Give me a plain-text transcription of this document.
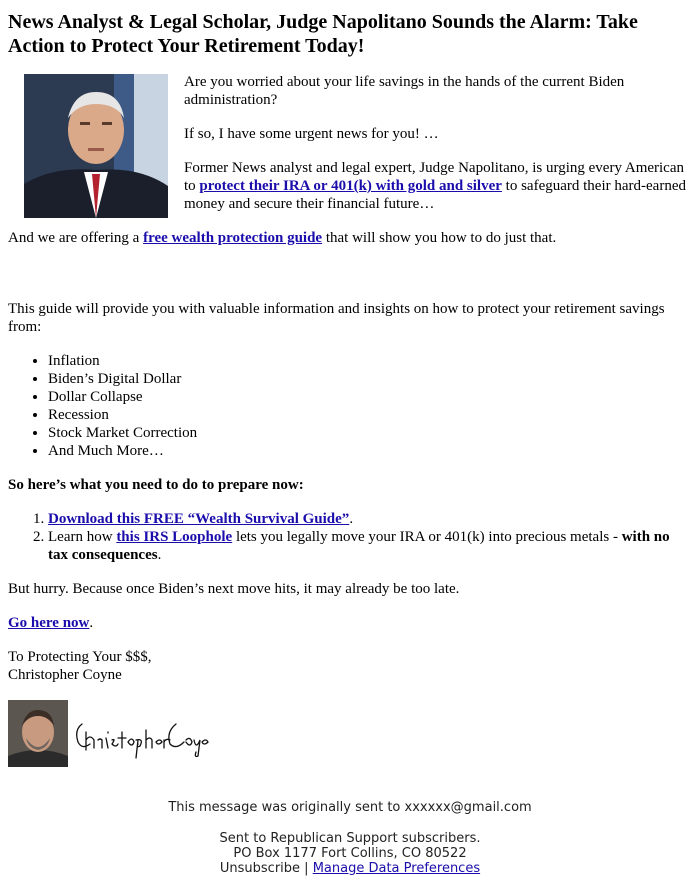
News Analyst & Legal Scholar, Judge Napolitano Sounds the Alarm: Take Action to Protect Your Retirement Today!

Are you worried about your life savings in the hands of the current Biden administration?

If so, I have some urgent news for you! …

Former News analyst and legal expert, Judge Napolitano, is urging every American to protect their IRA or 401(k) with gold and silver to safeguard their hard-earned money and secure their financial future…

And we are offering a free wealth protection guide that will show you how to do just that.

This guide will provide you with valuable information and insights on how to protect your retirement savings from:

• Inflation
• Biden’s Digital Dollar
• Dollar Collapse
• Recession
• Stock Market Correction
• And Much More…

So here’s what you need to do to prepare now:

1. Download this FREE “Wealth Survival Guide”.
2. Learn how this IRS Loophole lets you legally move your IRA or 401(k) into precious metals - with no tax consequences.

But hurry. Because once Biden’s next move hits, it may already be too late.

Go here now.

To Protecting Your $$$,
Christopher Coyne

This message was originally sent to xxxxxx@gmail.com
Sent to Republican Support subscribers.
PO Box 1177 Fort Collins, CO 80522
Unsubscribe | Manage Data Preferences
